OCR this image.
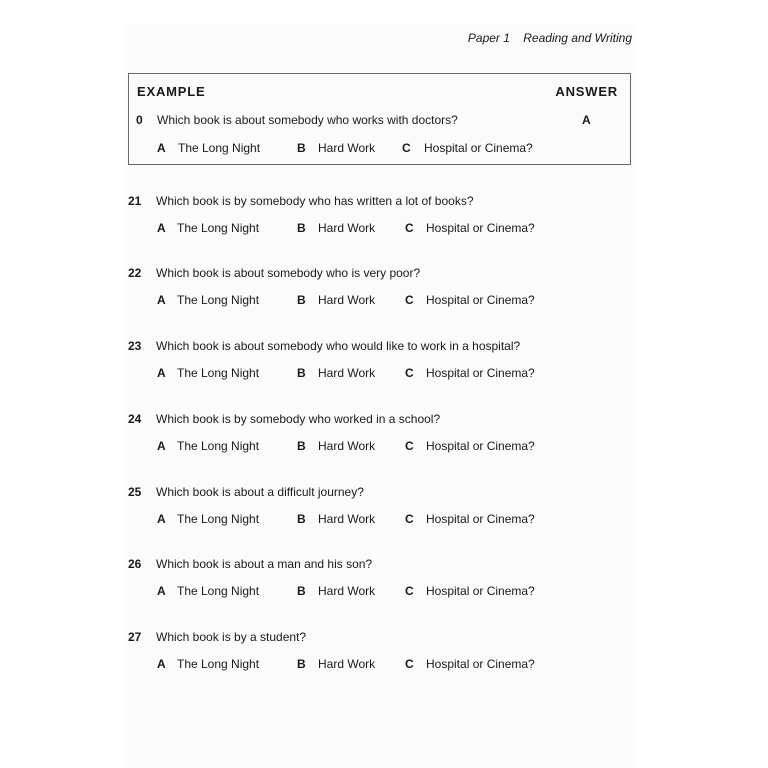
Paper 1 Reading and Writing
EXAMPLE	ANSWER
0 Which book is about somebody who works with doctors?	A
A The Long Night	B Hard Work C Hospital or Cinema?
21 Which book is by somebody who has written a lot of books?
A The Long Night	B Hard Work C Hospital or Cinema?
22 Which book is about somebody who is very poor?
A The Long Night	B Hard Work C Hospital or Cinema?
23 Which book is about somebody who would like to work in a hospital?
A The Long Night	B Hard Work C Hospital or Cinema?
24 Which book is by somebody who worked in a school?
A The Long Night	B Hard Work C Hospital or Cinema?
25 Which book is about a difficult journey?
A The Long Night	B Hard Work C Hospital or Cinema?
26 Which book is about a man and his son?
A The Long Night	B Hard Work C Hospital or Cinema?
27 Which book is by a student?
A The Long Night	B Hard Work C Hospital or Cinema?
